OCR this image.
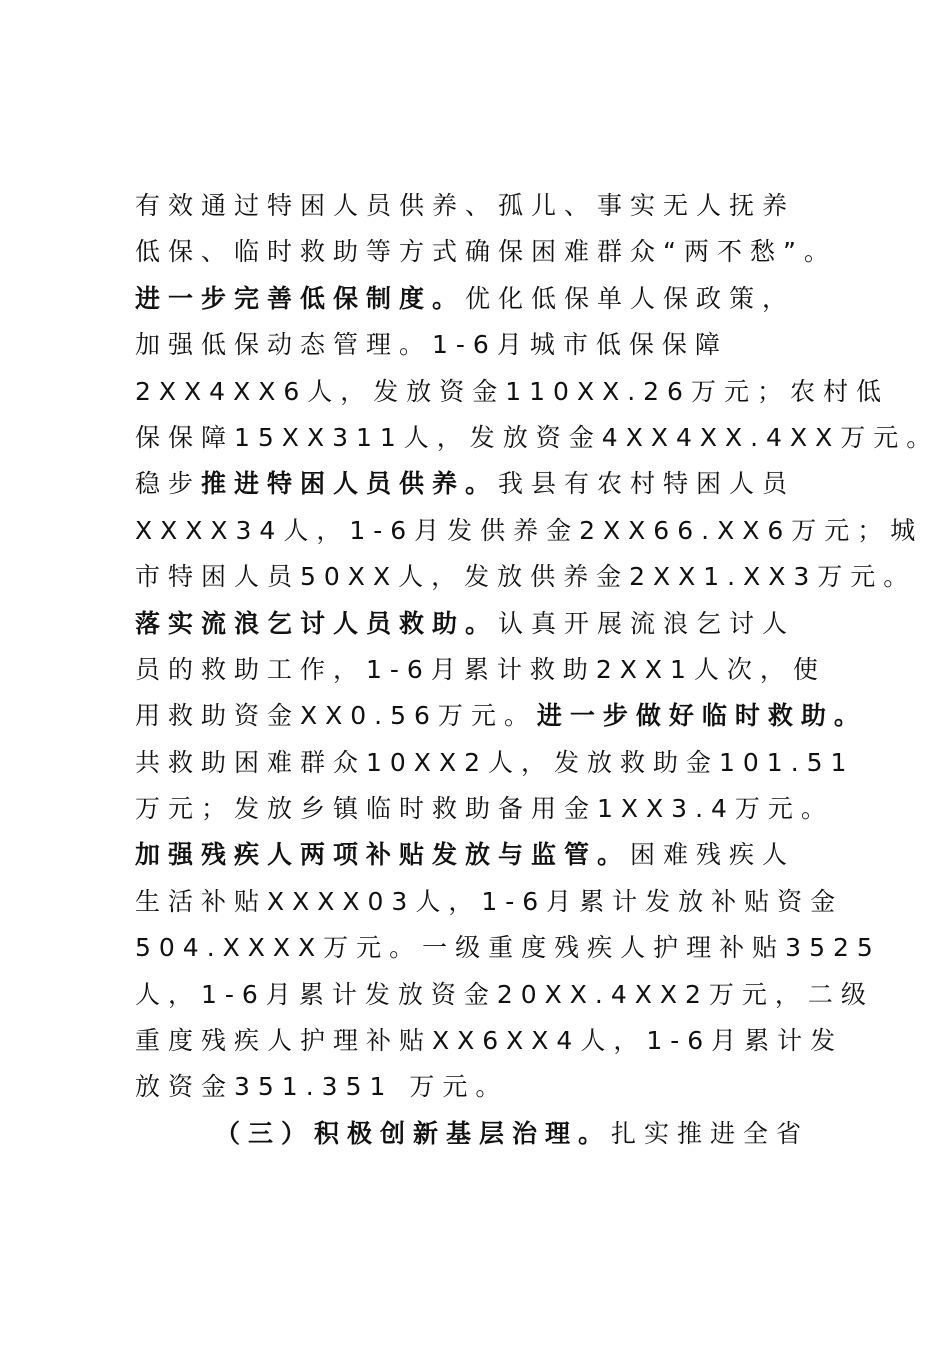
有效通过特困人员供养、孤儿、事实无人抚养
低保、临时救助等方式确保困难群众“两不愁”。
进一步完善低保制度。优化低保单人保政策，
加强低保动态管理。1-6月城市低保保障
2XX4XX6人，发放资金110XX.26万元；农村低
保保障15XX311人，发放资金4XX4XX.4XX万元。
稳步推进特困人员供养。我县有农村特困人员
XXXX34人，1-6月发供养金2XX66.XX6万元；城
市特困人员50XX人，发放供养金2XX1.XX3万元。
落实流浪乞讨人员救助。认真开展流浪乞讨人
员的救助工作，1-6月累计救助2XX1人次，使
用救助资金XX0.56万元。进一步做好临时救助。
共救助困难群众10XX2人，发放救助金101.51
万元；发放乡镇临时救助备用金1XX3.4万元。
加强残疾人两项补贴发放与监管。困难残疾人
生活补贴XXXX03人，1-6月累计发放补贴资金
504.XXXX万元。一级重度残疾人护理补贴3525
人，1-6月累计发放资金20XX.4XX2万元，二级
重度残疾人护理补贴XX6XX4人，1-6月累计发
放资金351.351 万元。
（三）积极创新基层治理。扎实推进全省
